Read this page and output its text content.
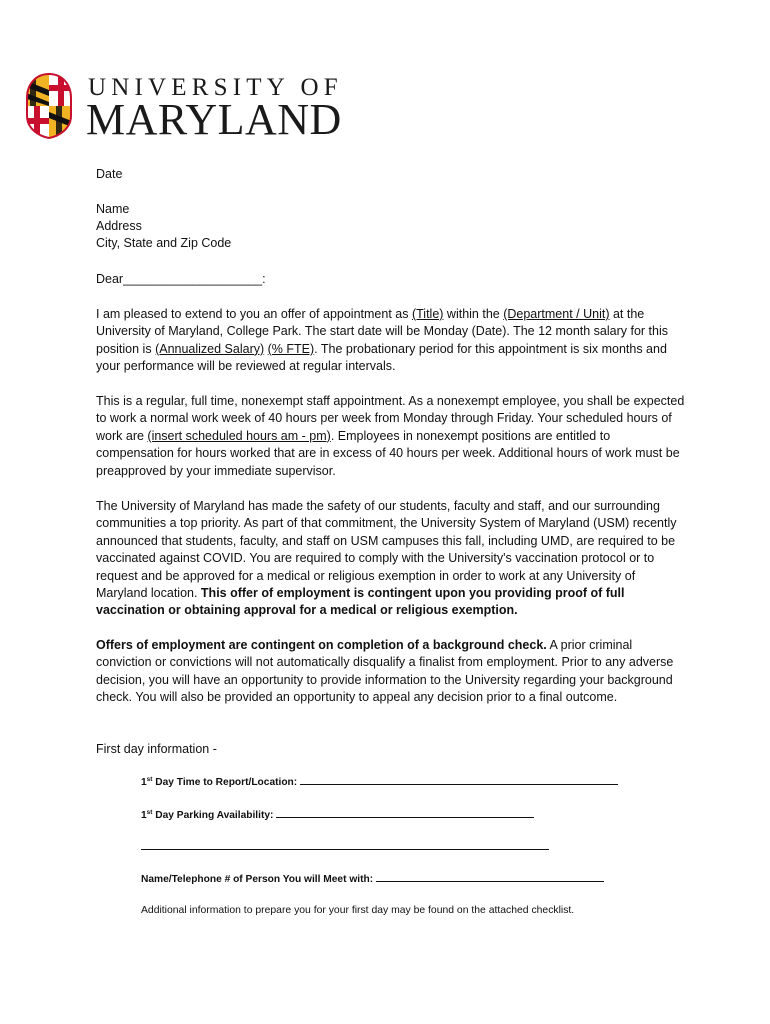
UNIVERSITY OF
MARYLAND
Date
Name
Address
City, State and Zip Code
Dear____________________:
I am pleased to extend to you an offer of appointment as (Title) within the (Department / Unit) at the University of Maryland, College Park. The start date will be Monday (Date). The 12 month salary for this position is (Annualized Salary) (% FTE). The probationary period for this appointment is six months and your performance will be reviewed at regular intervals.
This is a regular, full time, nonexempt staff appointment. As a nonexempt employee, you shall be expected to work a normal work week of 40 hours per week from Monday through Friday. Your scheduled hours of work are (insert scheduled hours am - pm). Employees in nonexempt positions are entitled to compensation for hours worked that are in excess of 40 hours per week. Additional hours of work must be preapproved by your immediate supervisor.
The University of Maryland has made the safety of our students, faculty and staff, and our surrounding communities a top priority. As part of that commitment, the University System of Maryland (USM) recently announced that students, faculty, and staff on USM campuses this fall, including UMD, are required to be vaccinated against COVID. You are required to comply with the University's vaccination protocol or to request and be approved for a medical or religious exemption in order to work at any University of Maryland location. This offer of employment is contingent upon you providing proof of full vaccination or obtaining approval for a medical or religious exemption.
Offers of employment are contingent on completion of a background check. A prior criminal conviction or convictions will not automatically disqualify a finalist from employment. Prior to any adverse decision, you will have an opportunity to provide information to the University regarding your background check. You will also be provided an opportunity to appeal any decision prior to a final outcome.
First day information -
1st Day Time to Report/Location:
1st Day Parking Availability:
Name/Telephone # of Person You will Meet with:
Additional information to prepare you for your first day may be found on the attached checklist.
